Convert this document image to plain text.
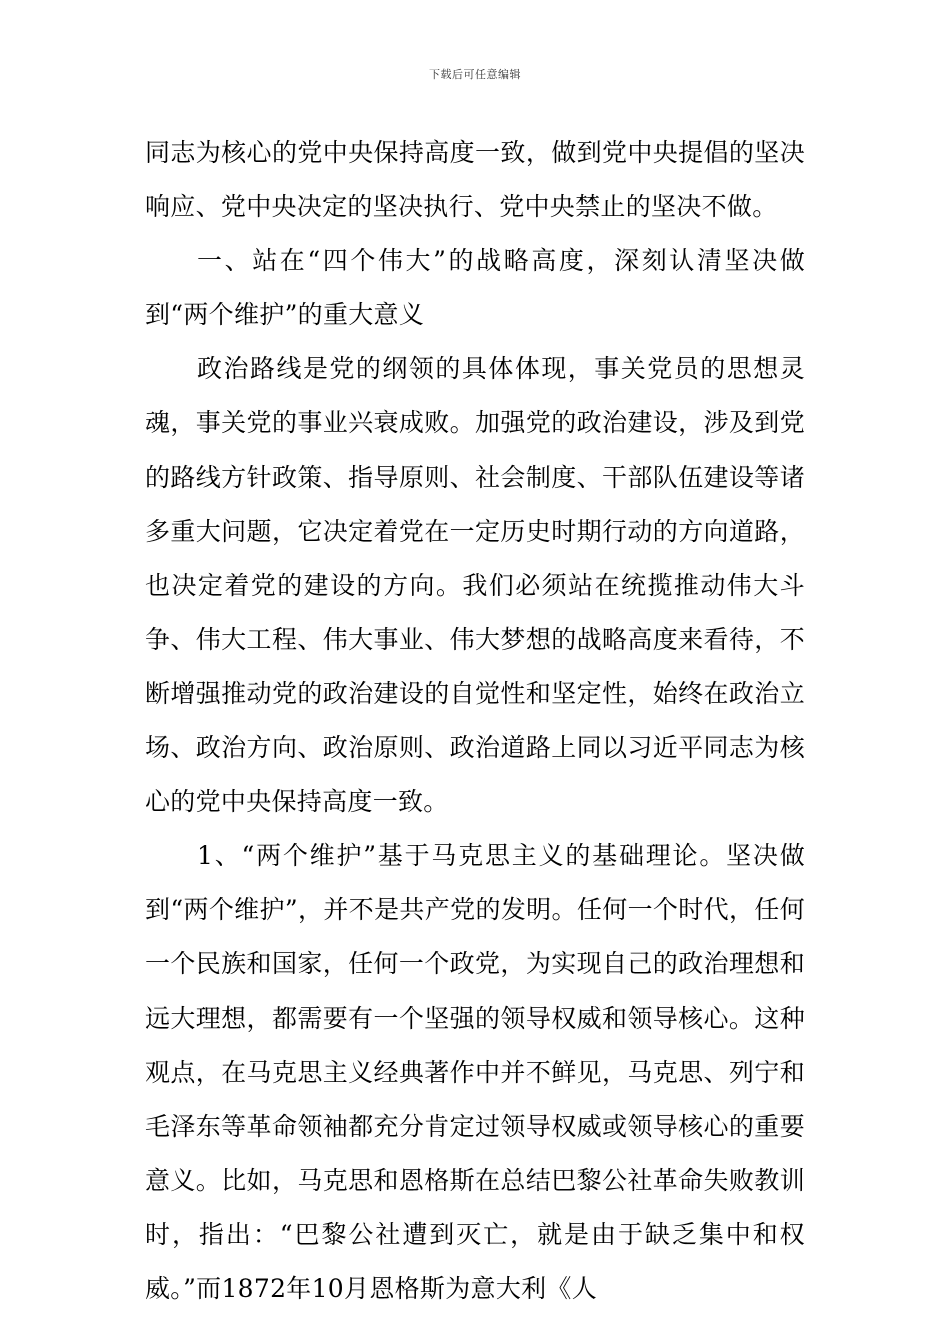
下载后可任意编辑

同志为核心的党中央保持高度一致，做到党中央提倡的坚决响应、党中央决定的坚决执行、党中央禁止的坚决不做。

一、站在“四个伟大”的战略高度，深刻认清坚决做到“两个维护”的重大意义

政治路线是党的纲领的具体体现，事关党员的思想灵魂，事关党的事业兴衰成败。加强党的政治建设，涉及到党的路线方针政策、指导原则、社会制度、干部队伍建设等诸多重大问题，它决定着党在一定历史时期行动的方向道路，也决定着党的建设的方向。我们必须站在统揽推动伟大斗争、伟大工程、伟大事业、伟大梦想的战略高度来看待，不断增强推动党的政治建设的自觉性和坚定性，始终在政治立场、政治方向、政治原则、政治道路上同以习近平同志为核心的党中央保持高度一致。

1、“两个维护”基于马克思主义的基础理论。坚决做到“两个维护”，并不是共产党的发明。任何一个时代，任何一个民族和国家，任何一个政党，为实现自己的政治理想和远大理想，都需要有一个坚强的领导权威和领导核心。这种观点，在马克思主义经典著作中并不鲜见，马克思、列宁和毛泽东等革命领袖都充分肯定过领导权威或领导核心的重要意义。比如，马克思和恩格斯在总结巴黎公社革命失败教训时，指出：“巴黎公社遭到灭亡，就是由于缺乏集中和权威。”而1872年10月恩格斯为意大利《人
